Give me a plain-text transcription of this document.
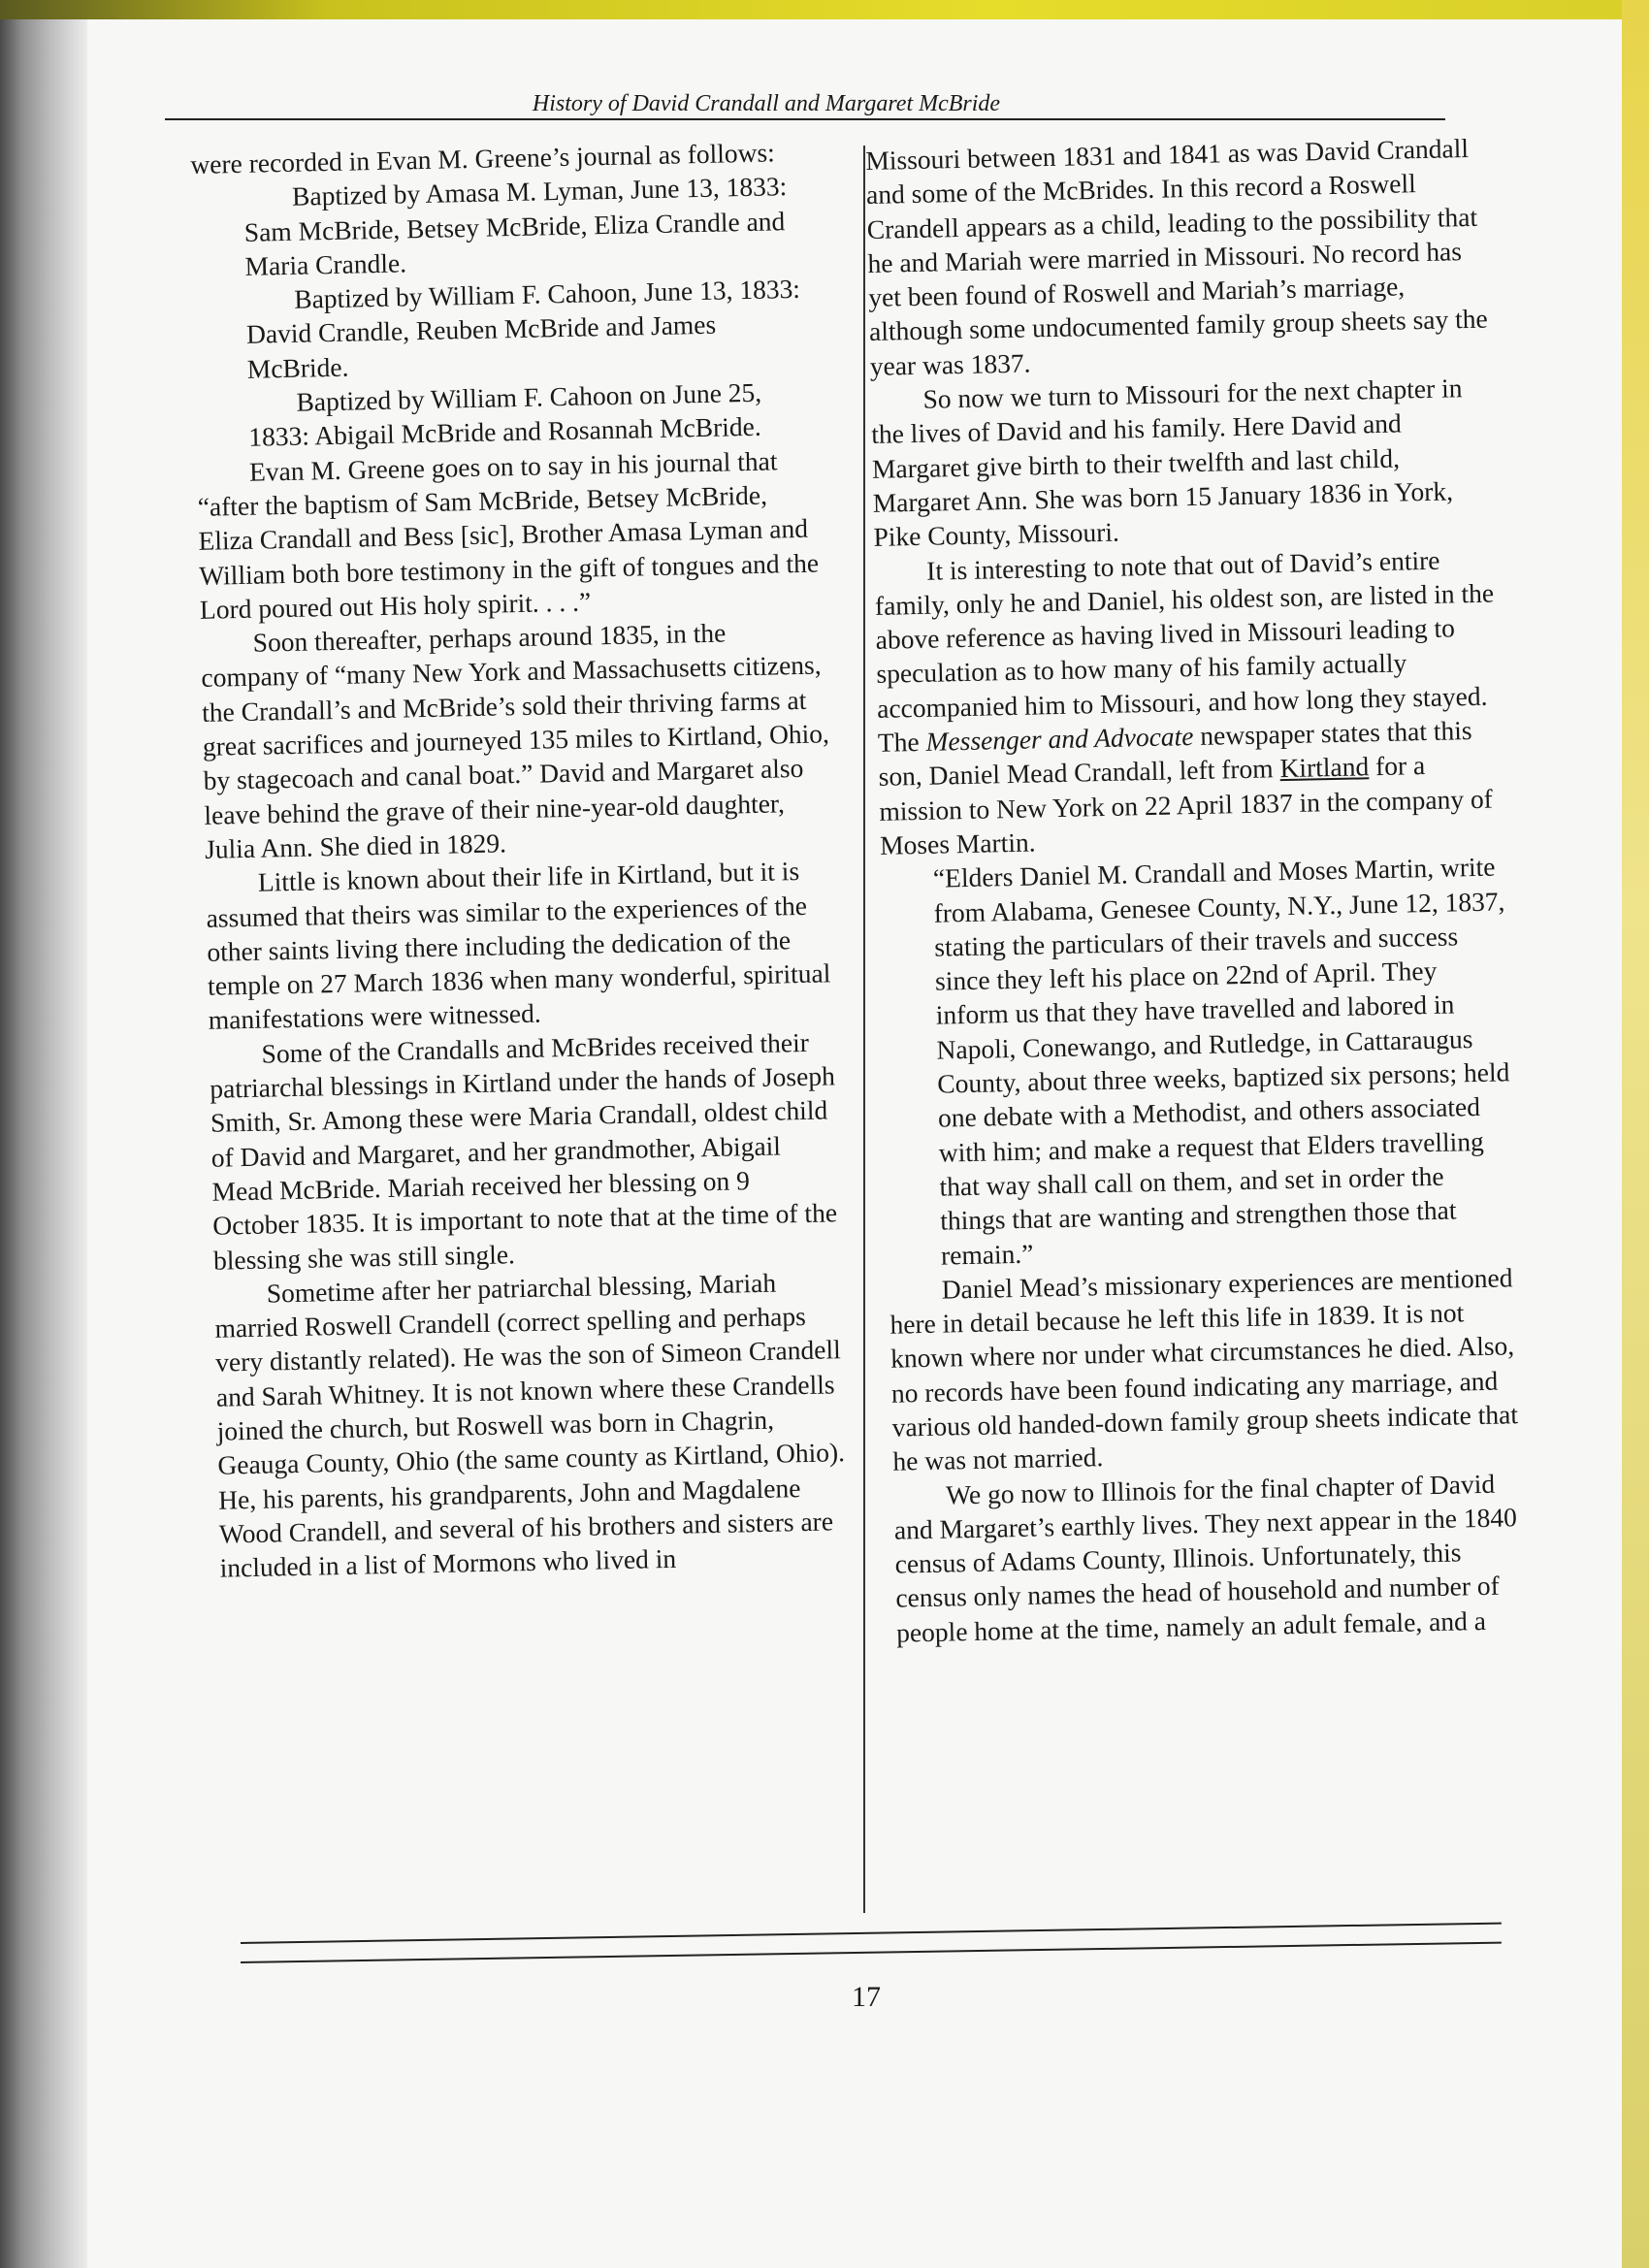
History of David Crandall and Margaret McBride

were recorded in Evan M. Greene’s journal as follows:

Baptized by Amasa M. Lyman, June 13, 1833: Sam McBride, Betsey McBride, Eliza Crandle and Maria Crandle.

Baptized by William F. Cahoon, June 13, 1833: David Crandle, Reuben McBride and James McBride.

Baptized by William F. Cahoon on June 25, 1833: Abigail McBride and Rosannah McBride.

Evan M. Greene goes on to say in his journal that “after the baptism of Sam McBride, Betsey McBride, Eliza Crandall and Bess [sic], Brother Amasa Lyman and William both bore testimony in the gift of tongues and the Lord poured out His holy spirit. . . .”

Soon thereafter, perhaps around 1835, in the company of “many New York and Massachusetts citizens, the Crandall’s and McBride’s sold their thriving farms at great sacrifices and journeyed 135 miles to Kirtland, Ohio, by stagecoach and canal boat.” David and Margaret also leave behind the grave of their nine-year-old daughter, Julia Ann. She died in 1829.

Little is known about their life in Kirtland, but it is assumed that theirs was similar to the experiences of the other saints living there including the dedication of the temple on 27 March 1836 when many wonderful, spiritual manifestations were witnessed.

Some of the Crandalls and McBrides received their patriarchal blessings in Kirtland under the hands of Joseph Smith, Sr. Among these were Maria Crandall, oldest child of David and Margaret, and her grandmother, Abigail Mead McBride. Mariah received her blessing on 9 October 1835. It is important to note that at the time of the blessing she was still single.

Sometime after her patriarchal blessing, Mariah married Roswell Crandell (correct spelling and perhaps very distantly related). He was the son of Simeon Crandell and Sarah Whitney. It is not known where these Crandells joined the church, but Roswell was born in Chagrin, Geauga County, Ohio (the same county as Kirtland, Ohio). He, his parents, his grandparents, John and Magdalene Wood Crandell, and several of his brothers and sisters are included in a list of Mormons who lived in

Missouri between 1831 and 1841 as was David Crandall and some of the McBrides. In this record a Roswell Crandell appears as a child, leading to the possibility that he and Mariah were married in Missouri. No record has yet been found of Roswell and Mariah’s marriage, although some undocumented family group sheets say the year was 1837.

So now we turn to Missouri for the next chapter in the lives of David and his family. Here David and Margaret give birth to their twelfth and last child, Margaret Ann. She was born 15 January 1836 in York, Pike County, Missouri.

It is interesting to note that out of David’s entire family, only he and Daniel, his oldest son, are listed in the above reference as having lived in Missouri leading to speculation as to how many of his family actually accompanied him to Missouri, and how long they stayed. The Messenger and Advocate newspaper states that this son, Daniel Mead Crandall, left from Kirtland for a mission to New York on 22 April 1837 in the company of Moses Martin.

“Elders Daniel M. Crandall and Moses Martin, write from Alabama, Genesee County, N.Y., June 12, 1837, stating the particulars of their travels and success since they left his place on 22nd of April. They inform us that they have travelled and labored in Napoli, Conewango, and Rutledge, in Cattaraugus County, about three weeks, baptized six persons; held one debate with a Methodist, and others associated with him; and make a request that Elders travelling that way shall call on them, and set in order the things that are wanting and strengthen those that remain.”

Daniel Mead’s missionary experiences are mentioned here in detail because he left this life in 1839. It is not known where nor under what circumstances he died. Also, no records have been found indicating any marriage, and various old handed-down family group sheets indicate that he was not married.

We go now to Illinois for the final chapter of David and Margaret’s earthly lives. They next appear in the 1840 census of Adams County, Illinois. Unfortunately, this census only names the head of household and number of people home at the time, namely an adult female, and a

17
